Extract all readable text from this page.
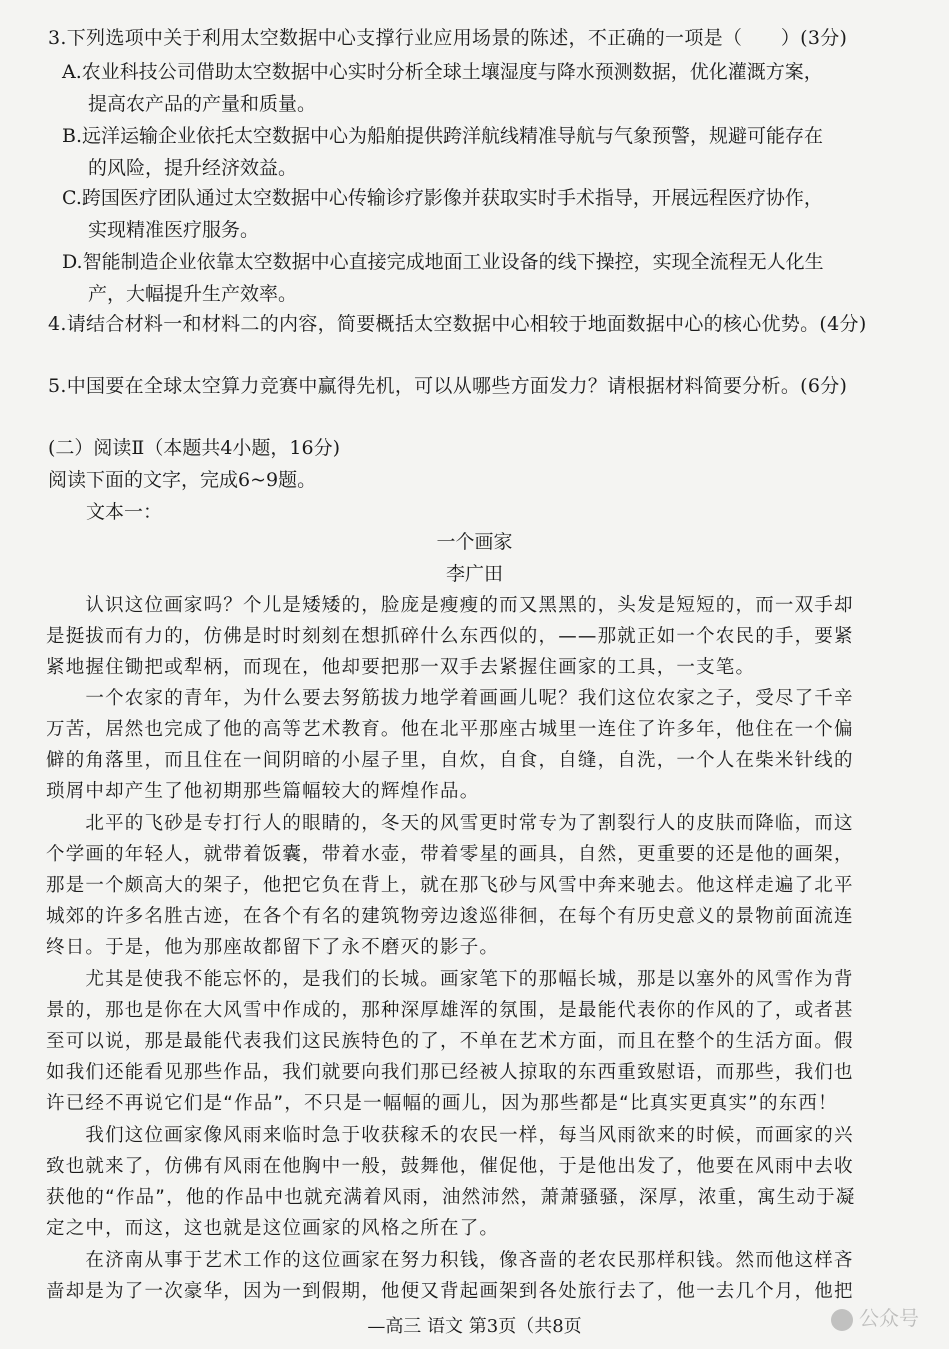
3.下列选项中关于利用太空数据中心支撑行业应用场景的陈述，不正确的一项是（　　）(3分)
A.农业科技公司借助太空数据中心实时分析全球土壤湿度与降水预测数据，优化灌溉方案，
提高农产品的产量和质量。
B.远洋运输企业依托太空数据中心为船舶提供跨洋航线精准导航与气象预警，规避可能存在
的风险，提升经济效益。
C.跨国医疗团队通过太空数据中心传输诊疗影像并获取实时手术指导，开展远程医疗协作，
实现精准医疗服务。
D.智能制造企业依靠太空数据中心直接完成地面工业设备的线下操控，实现全流程无人化生
产，大幅提升生产效率。
4.请结合材料一和材料二的内容，简要概括太空数据中心相较于地面数据中心的核心优势。(4分)
5.中国要在全球太空算力竞赛中赢得先机，可以从哪些方面发力？请根据材料简要分析。(6分)
(二）阅读Ⅱ（本题共4小题，16分)
阅读下面的文字，完成6~9题。
文本一：
一个画家
李广田
　　认识这位画家吗？个儿是矮矮的，脸庞是瘦瘦的而又黑黑的，头发是短短的，而一双手却
是挺拔而有力的，仿佛是时时刻刻在想抓碎什么东西似的，——那就正如一个农民的手，要紧
紧地握住锄把或犁柄，而现在，他却要把那一双手去紧握住画家的工具，一支笔。
　　一个农家的青年，为什么要去努筋拔力地学着画画儿呢？我们这位农家之子，受尽了千辛
万苦，居然也完成了他的高等艺术教育。他在北平那座古城里一连住了许多年，他住在一个偏
僻的角落里，而且住在一间阴暗的小屋子里，自炊，自食，自缝，自洗，一个人在柴米针线的
琐屑中却产生了他初期那些篇幅较大的辉煌作品。
　　北平的飞砂是专打行人的眼睛的，冬天的风雪更时常专为了割裂行人的皮肤而降临，而这
个学画的年轻人，就带着饭囊，带着水壶，带着零星的画具，自然，更重要的还是他的画架，
那是一个颇高大的架子，他把它负在背上，就在那飞砂与风雪中奔来驰去。他这样走遍了北平
城郊的许多名胜古迹，在各个有名的建筑物旁边逡巡徘徊，在每个有历史意义的景物前面流连
终日。于是，他为那座故都留下了永不磨灭的影子。
　　尤其是使我不能忘怀的，是我们的长城。画家笔下的那幅长城，那是以塞外的风雪作为背
景的，那也是你在大风雪中作成的，那种深厚雄浑的氛围，是最能代表你的作风的了，或者甚
至可以说，那是最能代表我们这民族特色的了，不单在艺术方面，而且在整个的生活方面。假
如我们还能看见那些作品，我们就要向我们那已经被人掠取的东西重致慰语，而那些，我们也
许已经不再说它们是“作品”，不只是一幅幅的画儿，因为那些都是“比真实更真实”的东西！
　　我们这位画家像风雨来临时急于收获稼禾的农民一样，每当风雨欲来的时候，而画家的兴
致也就来了，仿佛有风雨在他胸中一般，鼓舞他，催促他，于是他出发了，他要在风雨中去收
获他的“作品”，他的作品中也就充满着风雨，油然沛然，萧萧骚骚，深厚，浓重，寓生动于凝
定之中，而这，这也就是这位画家的风格之所在了。
　　在济南从事于艺术工作的这位画家在努力积钱，像吝啬的老农民那样积钱。然而他这样吝
啬却是为了一次豪华，因为一到假期，他便又背起画架到各处旅行去了，他一去几个月，他把
—高三 语文 第3页（共8页	公众号
